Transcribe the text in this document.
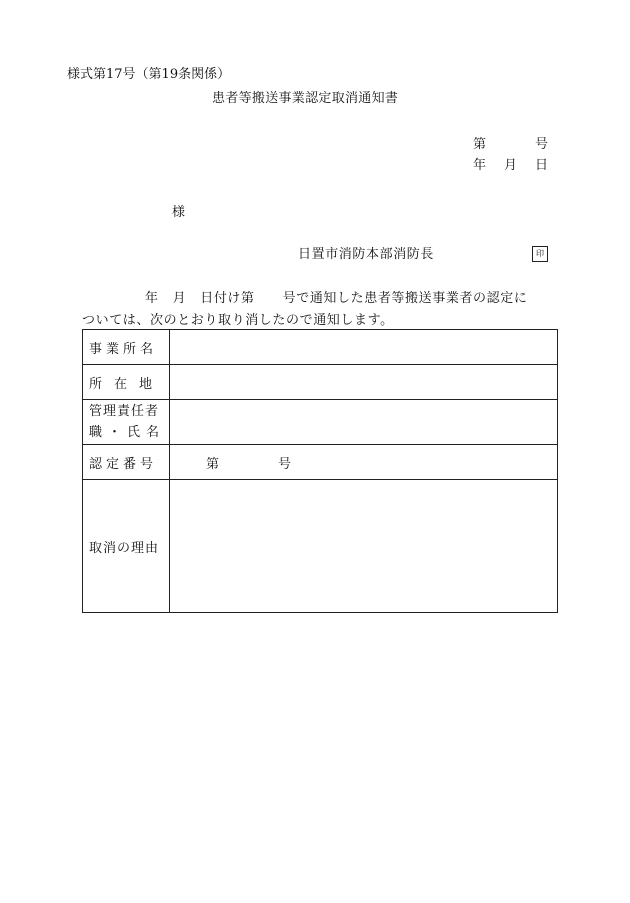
様式第17号（第19条関係）
患者等搬送事業認定取消通知書
第	号
年 月 日
様
日置市消防本部消防長	印
年 月 日付け第 号で通知した患者等搬送事業者の認定に
ついては、次のとおり取り消したので通知します。
事業所名	
所在地	

管理責任者
職・氏名	

認定番号	第 号
取消の理由	
